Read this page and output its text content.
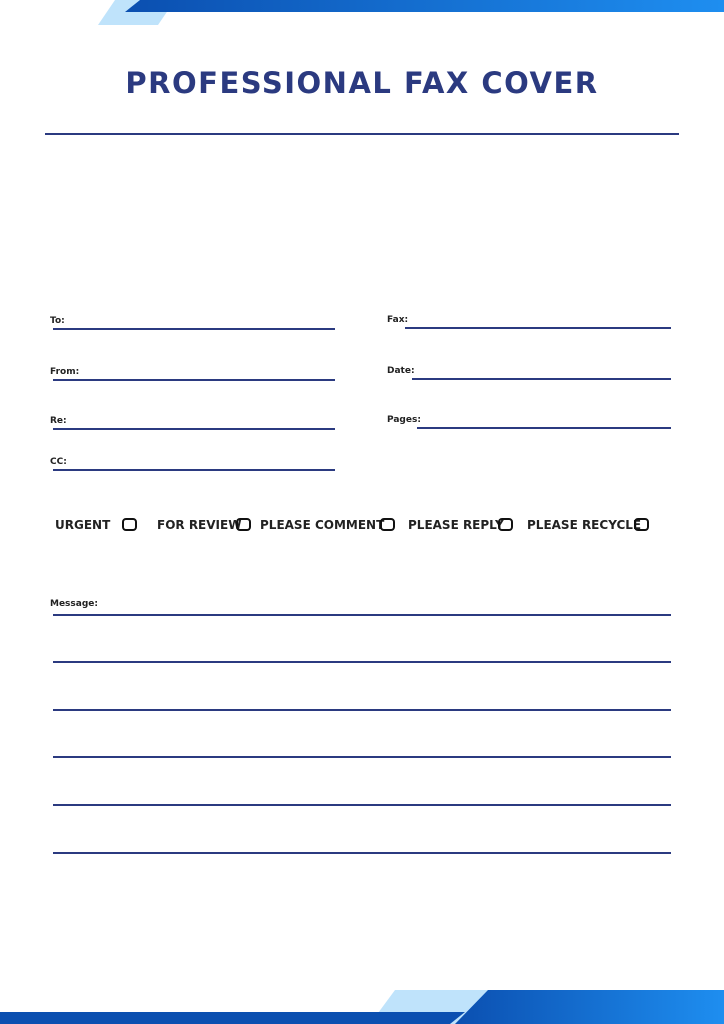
PROFESSIONAL FAX COVER
To:
From:
Re:
CC:
Fax:
Date:
Pages:
URGENT	FOR REVIEW PLEASE COMMENT PLEASE REPLY PLEASE RECYCLE
Message:
